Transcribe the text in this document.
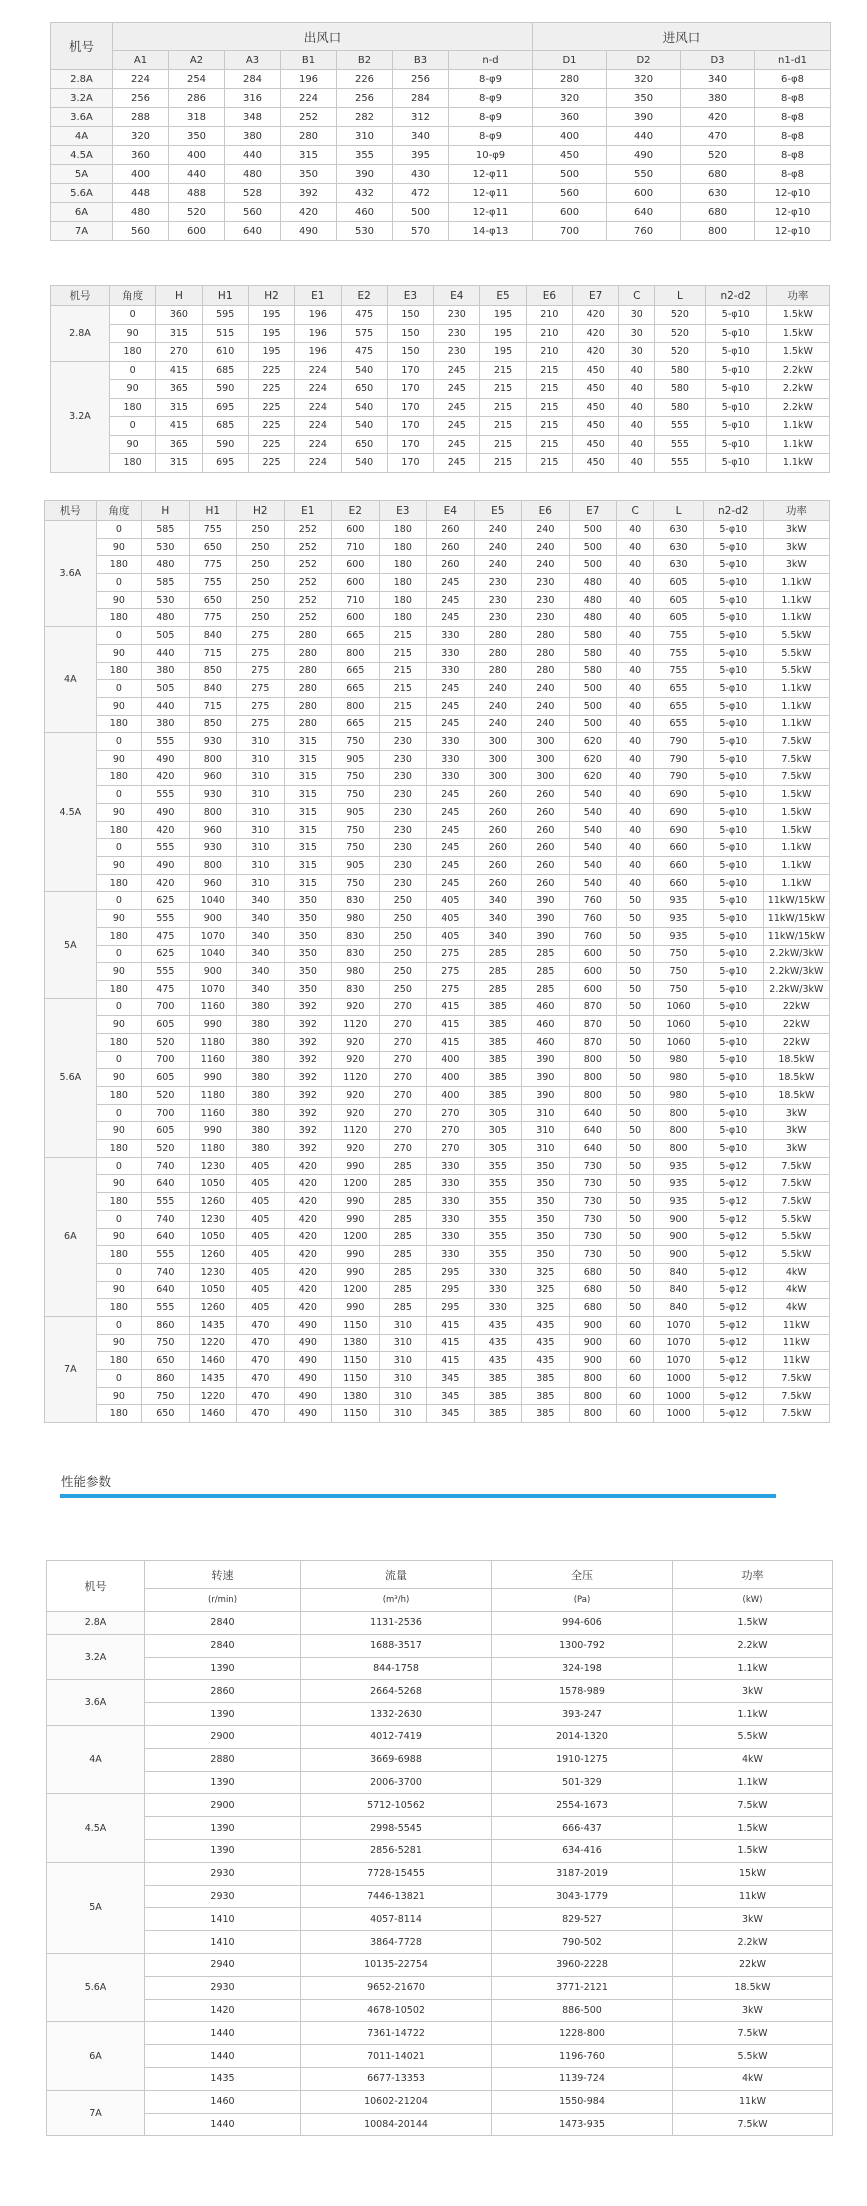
机号	出风口							进风口			
	A1	A2	A3	B1	B2	B3	n-d	D1	D2	D3	n1-d1
2.8A	224	254	284	196	226	256	8-φ9	280	320	340	6-φ8
3.2A	256	286	316	224	256	284	8-φ9	320	350	380	8-φ8
3.6A	288	318	348	252	282	312	8-φ9	360	390	420	8-φ8
4A	320	350	380	280	310	340	8-φ9	400	440	470	8-φ8
4.5A	360	400	440	315	355	395	10-φ9	450	490	520	8-φ8
5A	400	440	480	350	390	430	12-φ11	500	550	680	8-φ8
5.6A	448	488	528	392	432	472	12-φ11	560	600	630	12-φ10
6A	480	520	560	420	460	500	12-φ11	600	640	680	12-φ10
7A	560	600	640	490	530	570	14-φ13	700	760	800	12-φ10
机号	角度	H	H1	H2	E1	E2	E3	E4	E5	E6	E7	C	L	n2-d2	功率
2.8A	0	360	595	195	196	475	150	230	195	210	420	30	520	5-φ10	1.5kW
	90	315	515	195	196	575	150	230	195	210	420	30	520	5-φ10	1.5kW
	180	270	610	195	196	475	150	230	195	210	420	30	520	5-φ10	1.5kW
3.2A	0	415	685	225	224	540	170	245	215	215	450	40	580	5-φ10	2.2kW
	90	365	590	225	224	650	170	245	215	215	450	40	580	5-φ10	2.2kW
	180	315	695	225	224	540	170	245	215	215	450	40	580	5-φ10	2.2kW
	0	415	685	225	224	540	170	245	215	215	450	40	555	5-φ10	1.1kW
	90	365	590	225	224	650	170	245	215	215	450	40	555	5-φ10	1.1kW
	180	315	695	225	224	540	170	245	215	215	450	40	555	5-φ10	1.1kW
机号	角度	H	H1	H2	E1	E2	E3	E4	E5	E6	E7	C	L	n2-d2	功率
3.6A	0	585	755	250	252	600	180	260	240	240	500	40	630	5-φ10	3kW
	90	530	650	250	252	710	180	260	240	240	500	40	630	5-φ10	3kW
	180	480	775	250	252	600	180	260	240	240	500	40	630	5-φ10	3kW
	0	585	755	250	252	600	180	245	230	230	480	40	605	5-φ10	1.1kW
	90	530	650	250	252	710	180	245	230	230	480	40	605	5-φ10	1.1kW
	180	480	775	250	252	600	180	245	230	230	480	40	605	5-φ10	1.1kW
4A	0	505	840	275	280	665	215	330	280	280	580	40	755	5-φ10	5.5kW
	90	440	715	275	280	800	215	330	280	280	580	40	755	5-φ10	5.5kW
	180	380	850	275	280	665	215	330	280	280	580	40	755	5-φ10	5.5kW
	0	505	840	275	280	665	215	245	240	240	500	40	655	5-φ10	1.1kW
	90	440	715	275	280	800	215	245	240	240	500	40	655	5-φ10	1.1kW
	180	380	850	275	280	665	215	245	240	240	500	40	655	5-φ10	1.1kW
4.5A	0	555	930	310	315	750	230	330	300	300	620	40	790	5-φ10	7.5kW
	90	490	800	310	315	905	230	330	300	300	620	40	790	5-φ10	7.5kW
	180	420	960	310	315	750	230	330	300	300	620	40	790	5-φ10	7.5kW
	0	555	930	310	315	750	230	245	260	260	540	40	690	5-φ10	1.5kW
	90	490	800	310	315	905	230	245	260	260	540	40	690	5-φ10	1.5kW
	180	420	960	310	315	750	230	245	260	260	540	40	690	5-φ10	1.5kW
	0	555	930	310	315	750	230	245	260	260	540	40	660	5-φ10	1.1kW
	90	490	800	310	315	905	230	245	260	260	540	40	660	5-φ10	1.1kW
	180	420	960	310	315	750	230	245	260	260	540	40	660	5-φ10	1.1kW
5A	0	625	1040	340	350	830	250	405	340	390	760	50	935	5-φ10	11kW/15kW
	90	555	900	340	350	980	250	405	340	390	760	50	935	5-φ10	11kW/15kW
	180	475	1070	340	350	830	250	405	340	390	760	50	935	5-φ10	11kW/15kW
	0	625	1040	340	350	830	250	275	285	285	600	50	750	5-φ10	2.2kW/3kW
	90	555	900	340	350	980	250	275	285	285	600	50	750	5-φ10	2.2kW/3kW
	180	475	1070	340	350	830	250	275	285	285	600	50	750	5-φ10	2.2kW/3kW
5.6A	0	700	1160	380	392	920	270	415	385	460	870	50	1060	5-φ10	22kW
	90	605	990	380	392	1120	270	415	385	460	870	50	1060	5-φ10	22kW
	180	520	1180	380	392	920	270	415	385	460	870	50	1060	5-φ10	22kW
	0	700	1160	380	392	920	270	400	385	390	800	50	980	5-φ10	18.5kW
	90	605	990	380	392	1120	270	400	385	390	800	50	980	5-φ10	18.5kW
	180	520	1180	380	392	920	270	400	385	390	800	50	980	5-φ10	18.5kW
	0	700	1160	380	392	920	270	270	305	310	640	50	800	5-φ10	3kW
	90	605	990	380	392	1120	270	270	305	310	640	50	800	5-φ10	3kW
	180	520	1180	380	392	920	270	270	305	310	640	50	800	5-φ10	3kW
6A	0	740	1230	405	420	990	285	330	355	350	730	50	935	5-φ12	7.5kW
	90	640	1050	405	420	1200	285	330	355	350	730	50	935	5-φ12	7.5kW
	180	555	1260	405	420	990	285	330	355	350	730	50	935	5-φ12	7.5kW
	0	740	1230	405	420	990	285	330	355	350	730	50	900	5-φ12	5.5kW
	90	640	1050	405	420	1200	285	330	355	350	730	50	900	5-φ12	5.5kW
	180	555	1260	405	420	990	285	330	355	350	730	50	900	5-φ12	5.5kW
	0	740	1230	405	420	990	285	295	330	325	680	50	840	5-φ12	4kW
	90	640	1050	405	420	1200	285	295	330	325	680	50	840	5-φ12	4kW
	180	555	1260	405	420	990	285	295	330	325	680	50	840	5-φ12	4kW
7A	0	860	1435	470	490	1150	310	415	435	435	900	60	1070	5-φ12	11kW
	90	750	1220	470	490	1380	310	415	435	435	900	60	1070	5-φ12	11kW
	180	650	1460	470	490	1150	310	415	435	435	900	60	1070	5-φ12	11kW
	0	860	1435	470	490	1150	310	345	385	385	800	60	1000	5-φ12	7.5kW
	90	750	1220	470	490	1380	310	345	385	385	800	60	1000	5-φ12	7.5kW
	180	650	1460	470	490	1150	310	345	385	385	800	60	1000	5-φ12	7.5kW
性能参数
机号	转速	流量	全压	功率
	(r/min)	(m³/h)	(Pa)	(kW)
2.8A	2840	1131-2536	994-606	1.5kW
3.2A	2840	1688-3517	1300-792	2.2kW
	1390	844-1758	324-198	1.1kW
3.6A	2860	2664-5268	1578-989	3kW
	1390	1332-2630	393-247	1.1kW
4A	2900	4012-7419	2014-1320	5.5kW
	2880	3669-6988	1910-1275	4kW
	1390	2006-3700	501-329	1.1kW
4.5A	2900	5712-10562	2554-1673	7.5kW
	1390	2998-5545	666-437	1.5kW
	1390	2856-5281	634-416	1.5kW
5A	2930	7728-15455	3187-2019	15kW
	2930	7446-13821	3043-1779	11kW
	1410	4057-8114	829-527	3kW
	1410	3864-7728	790-502	2.2kW
5.6A	2940	10135-22754	3960-2228	22kW
	2930	9652-21670	3771-2121	18.5kW
	1420	4678-10502	886-500	3kW
6A	1440	7361-14722	1228-800	7.5kW
	1440	7011-14021	1196-760	5.5kW
	1435	6677-13353	1139-724	4kW
7A	1460	10602-21204	1550-984	11kW
	1440	10084-20144	1473-935	7.5kW
